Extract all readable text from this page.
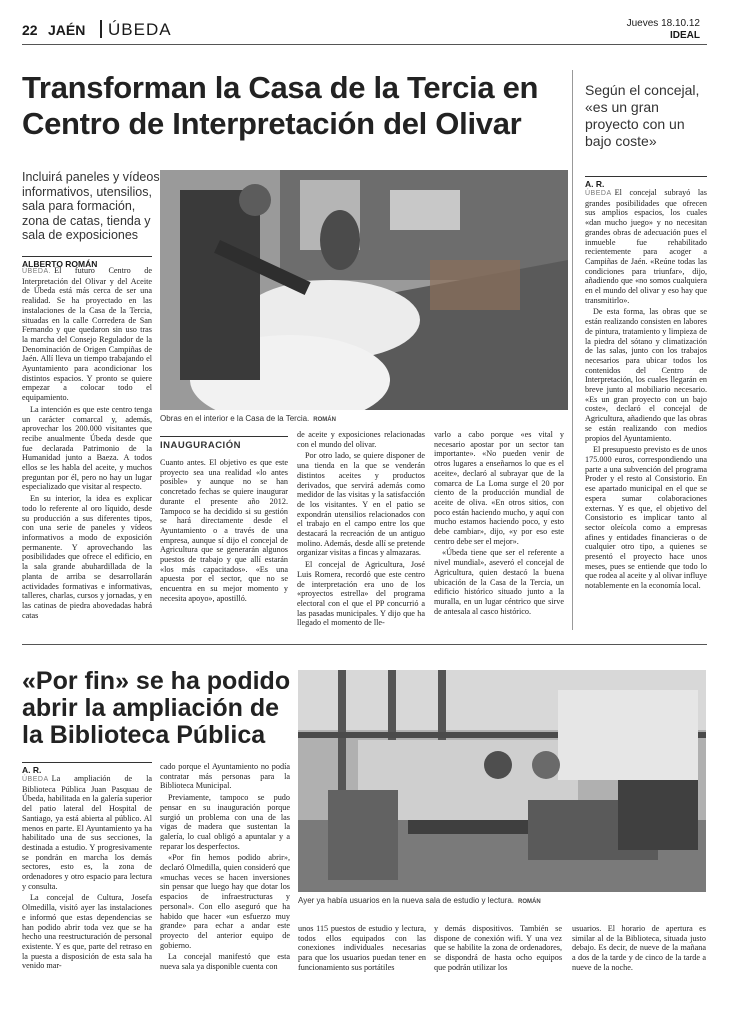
22 JAÉN ÚBEDA	Jueves 18.10.12
IDEAL
Transforman la Casa de la Tercia en Centro de Interpretación del Olivar
Según el concejal, «es un gran proyecto con un bajo coste»
Incluirá paneles y vídeos informativos, utensilios, sala para formación, zona de catas, tienda y sala de exposiciones
ALBERTO ROMÁN

ÚBEDA. El futuro Centro de Interpretación del Olivar y del Aceite de Úbeda está más cerca de ser una realidad. Se ha proyectado en las instalaciones de la Casa de la Tercia, situadas en la calle Corredera de San Fernando y que quedaron sin uso tras la marcha del Consejo Regulador de la Denominación de Origen Campiñas de Jaén. Allí lleva un tiempo trabajando el Ayuntamiento para acondicionar los distintos espacios. Y pronto se quiere empezar a colocar todo el equipamiento.

La intención es que este centro tenga un carácter comarcal y, además, aprovechar los 200.000 visitantes que recibe anualmente Úbeda desde que fue declarada Patrimonio de la Humanidad junto a Baeza. A todos ellos se les habla del aceite, y muchos preguntan por él, pero no hay un lugar especializado que visitar al respecto.

En su interior, la idea es explicar todo lo referente al oro líquido, desde su producción a sus diferentes tipos, con una serie de paneles y vídeos informativos a modo de exposición permanente. Y aprovechando las posibilidades que ofrece el edificio, en la sala grande abuhardillada de la planta de arriba se desarrollarán actividades formativas e informativas, talleres, charlas, cursos y jornadas, y en las catinas de piedra abovedadas habrá catas

Obras en el interior e la Casa de la Tercia. ROMÁN
INAUGURACIÓN

Cuanto antes. El objetivo es que este proyecto sea una realidad «lo antes posible» y aunque no se han concretado fechas se quiere inaugurar durante el presente año 2012. Tampoco se ha decidido si su gestión se hará directamente desde el Ayuntamiento o a través de una empresa, aunque sí dijo el concejal de Agricultura que se generarán algunos puestos de trabajo y que allí estarán «los más capacitados». «Es una apuesta por el sector, que no se encuentra en su mejor momento y necesita apoyo», apostilló.

de aceite y exposiciones relacionadas con el mundo del olivar.

Por otro lado, se quiere disponer de una tienda en la que se venderán distintos aceites y productos derivados, que servirá además como medidor de las visitas y la satisfacción de los visitantes. Y en el patio se expondrán utensilios relacionados con el trabajo en el campo entre los que destacará la recreación de un antiguo molino. Además, desde allí se pretende organizar visitas a fincas y almazaras.

El concejal de Agricultura, José Luis Romera, recordó que este centro de interpretación era uno de los «proyectos estrella» del programa electoral con el que el PP concurrió a las pasadas municipales. Y dijo que ha llegado el momento de lle-

varlo a cabo porque «es vital y necesario apostar por un sector tan importante». «No pueden venir de otros lugares a enseñarnos lo que es el aceite», declaró al subrayar que de la comarca de La Loma surge el 20 por ciento de la producción mundial de aceite de oliva. «En otros sitios, con poco están haciendo mucho, y aquí con mucho estamos haciendo poco, y esto debe cambiar», dijo, «y por eso este centro debe ser el mejor».

«Úbeda tiene que ser el referente a nivel mundial», aseveró el concejal de Agricultura, quien destacó la buena ubicación de la Casa de la Tercia, un edificio histórico situado junto a la muralla, en un lugar céntrico que sirve de antesala al casco histórico.

A. R.

ÚBEDA El concejal subrayó las grandes posibilidades que ofrecen sus amplios espacios, los cuales «dan mucho juego» y no necesitan grandes obras de adecuación pues el inmueble fue rehabilitado recientemente para acoger a Campiñas de Jaén. «Reúne todas las condiciones para triunfar», dijo, añadiendo que «no somos cualquiera en el mundo del olivar y eso hay que transmitirlo».

De esta forma, las obras que se están realizando consisten en labores de pintura, tratamiento y limpieza de la piedra del sótano y climatización de las salas, junto con los trabajos necesarios para ubicar todos los contenidos del Centro de Interpretación, los cuales llegarán en breve junto al mobiliario necesario. «Es un gran proyecto con un bajo coste», declaró el concejal de Agricultura, añadiendo que las obras se están realizando con medios propios del Ayuntamiento.

El presupuesto previsto es de unos 175.000 euros, correspondiendo una parte a una subvención del programa Proder y el resto al Consistorio. En ese apartado municipal en el que se espera sumar colaboraciones externas. Y es que, el objetivo del Consistorio es implicar tanto al sector oleícola como a empresas afines y entidades financieras o de cualquier otro tipo, a quienes se presentó el proyecto hace unos meses, pues se entiende que todo lo que rodea al aceite y al olivar influye notablemente en la economía local.

«Por fin» se ha podido abrir la ampliación de la Biblioteca Pública
A. R.

ÚBEDA La ampliación de la Biblioteca Pública Juan Pasquau de Úbeda, habilitada en la galería superior del patio lateral del Hospital de Santiago, ya está abierta al público. Al menos en parte. El Ayuntamiento ya ha habilitado una de sus secciones, la destinada a estudio. Y progresivamente se pondrán en marcha los demás sectores, esto es, la zona de ordenadores y otro espacio para lectura y consulta.

La concejal de Cultura, Josefa Olmedilla, visitó ayer las instalaciones e informó que estas dependencias se han podido abrir toda vez que se ha hecho una reestructuración de personal existente. Y es que, parte del retraso en la puesta a disposición de esta sala ha venido mar-

cado porque el Ayuntamiento no podía contratar más personas para la Biblioteca Municipal.

Previamente, tampoco se pudo pensar en su inauguración porque surgió un problema con una de las vigas de madera que sustentan la galería, lo cual obligó a apuntalar y a reparar los desperfectos.

«Por fin hemos podido abrir», declaró Olmedilla, quien consideró que «muchas veces se hacen inversiones sin pensar que luego hay que dotar los espacios de infraestructuras y personal». Con ello aseguró que ha habido que hacer «un esfuerzo muy grande» para echar a andar este proyecto del anterior equipo de gobierno.

La concejal manifestó que esta nueva sala ya disponible cuenta con

Ayer ya había usuarios en la nueva sala de estudio y lectura. ROMÁN

unos 115 puestos de estudio y lectura, todos ellos equipados con las conexiones individuales necesarias para que los usuarios puedan tener en funcionamiento sus portátiles

y demás dispositivos. También se dispone de conexión wifi. Y una vez que se habilite la zona de ordenadores, se dispondrá de hasta ocho equipos que podrán utilizar los

usuarios. El horario de apertura es similar al de la Biblioteca, situada justo debajo. Es decir, de nueve de la mañana a dos de la tarde y de cinco de la tarde a nueve de la noche.
